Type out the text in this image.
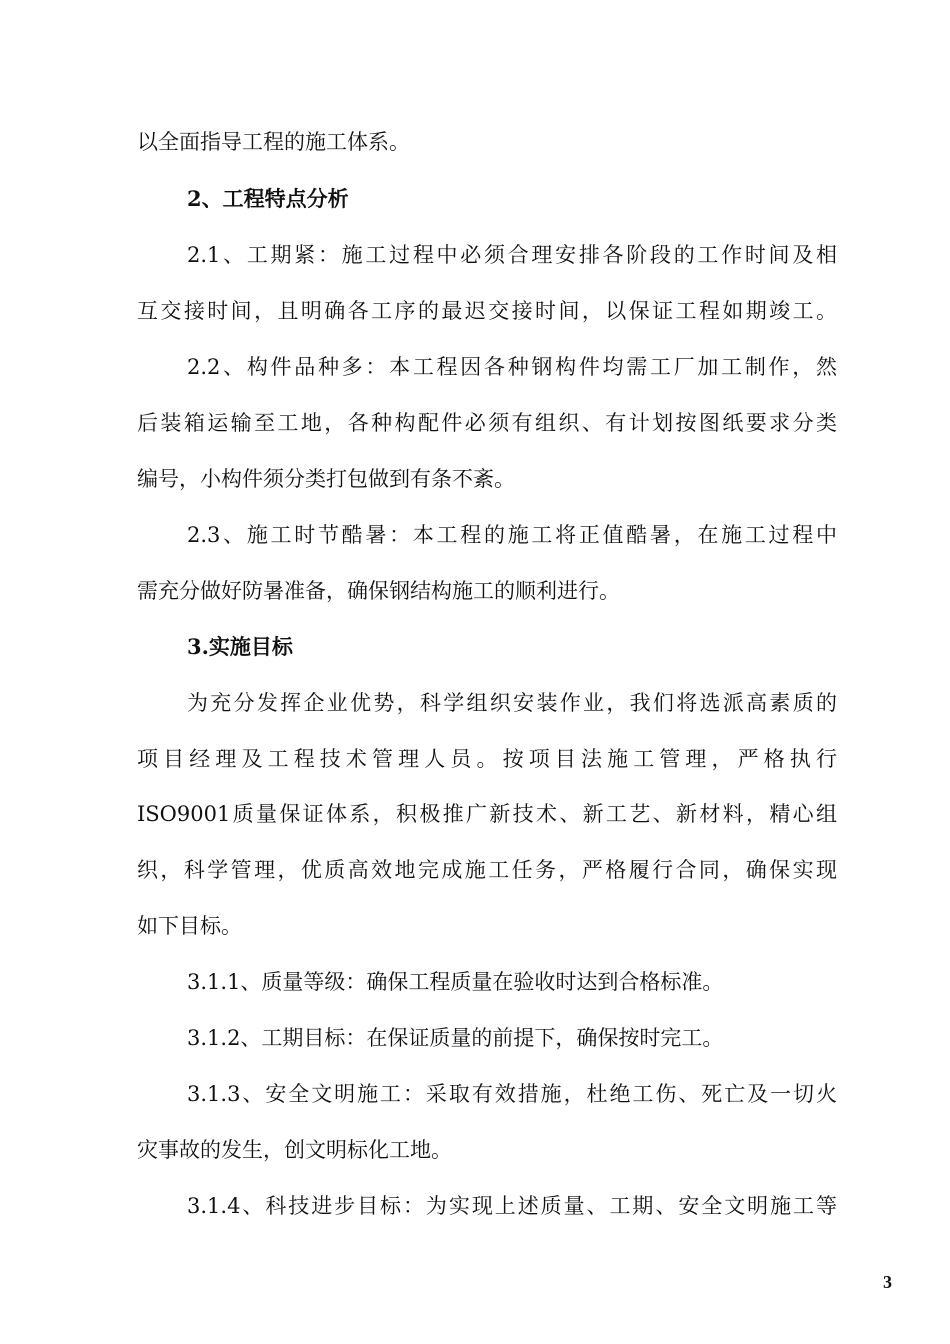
以全面指导工程的施工体系。
2、工程特点分析
2.1、工期紧：施工过程中必须合理安排各阶段的工作时间及相
互交接时间，且明确各工序的最迟交接时间，以保证工程如期竣工。
2.2、构件品种多：本工程因各种钢构件均需工厂加工制作，然
后装箱运输至工地，各种构配件必须有组织、有计划按图纸要求分类
编号，小构件须分类打包做到有条不紊。
2.3、施工时节酷暑：本工程的施工将正值酷暑，在施工过程中
需充分做好防暑准备，确保钢结构施工的顺利进行。
3.实施目标
为充分发挥企业优势，科学组织安装作业，我们将选派高素质的
项目经理及工程技术管理人员。按项目法施工管理，严格执行
ISO9001质量保证体系，积极推广新技术、新工艺、新材料，精心组
织，科学管理，优质高效地完成施工任务，严格履行合同，确保实现
如下目标。
3.1.1、质量等级：确保工程质量在验收时达到合格标准。
3.1.2、工期目标：在保证质量的前提下，确保按时完工。
3.1.3、安全文明施工：采取有效措施，杜绝工伤、死亡及一切火
灾事故的发生，创文明标化工地。
3.1.4、科技进步目标：为实现上述质量、工期、安全文明施工等
3
